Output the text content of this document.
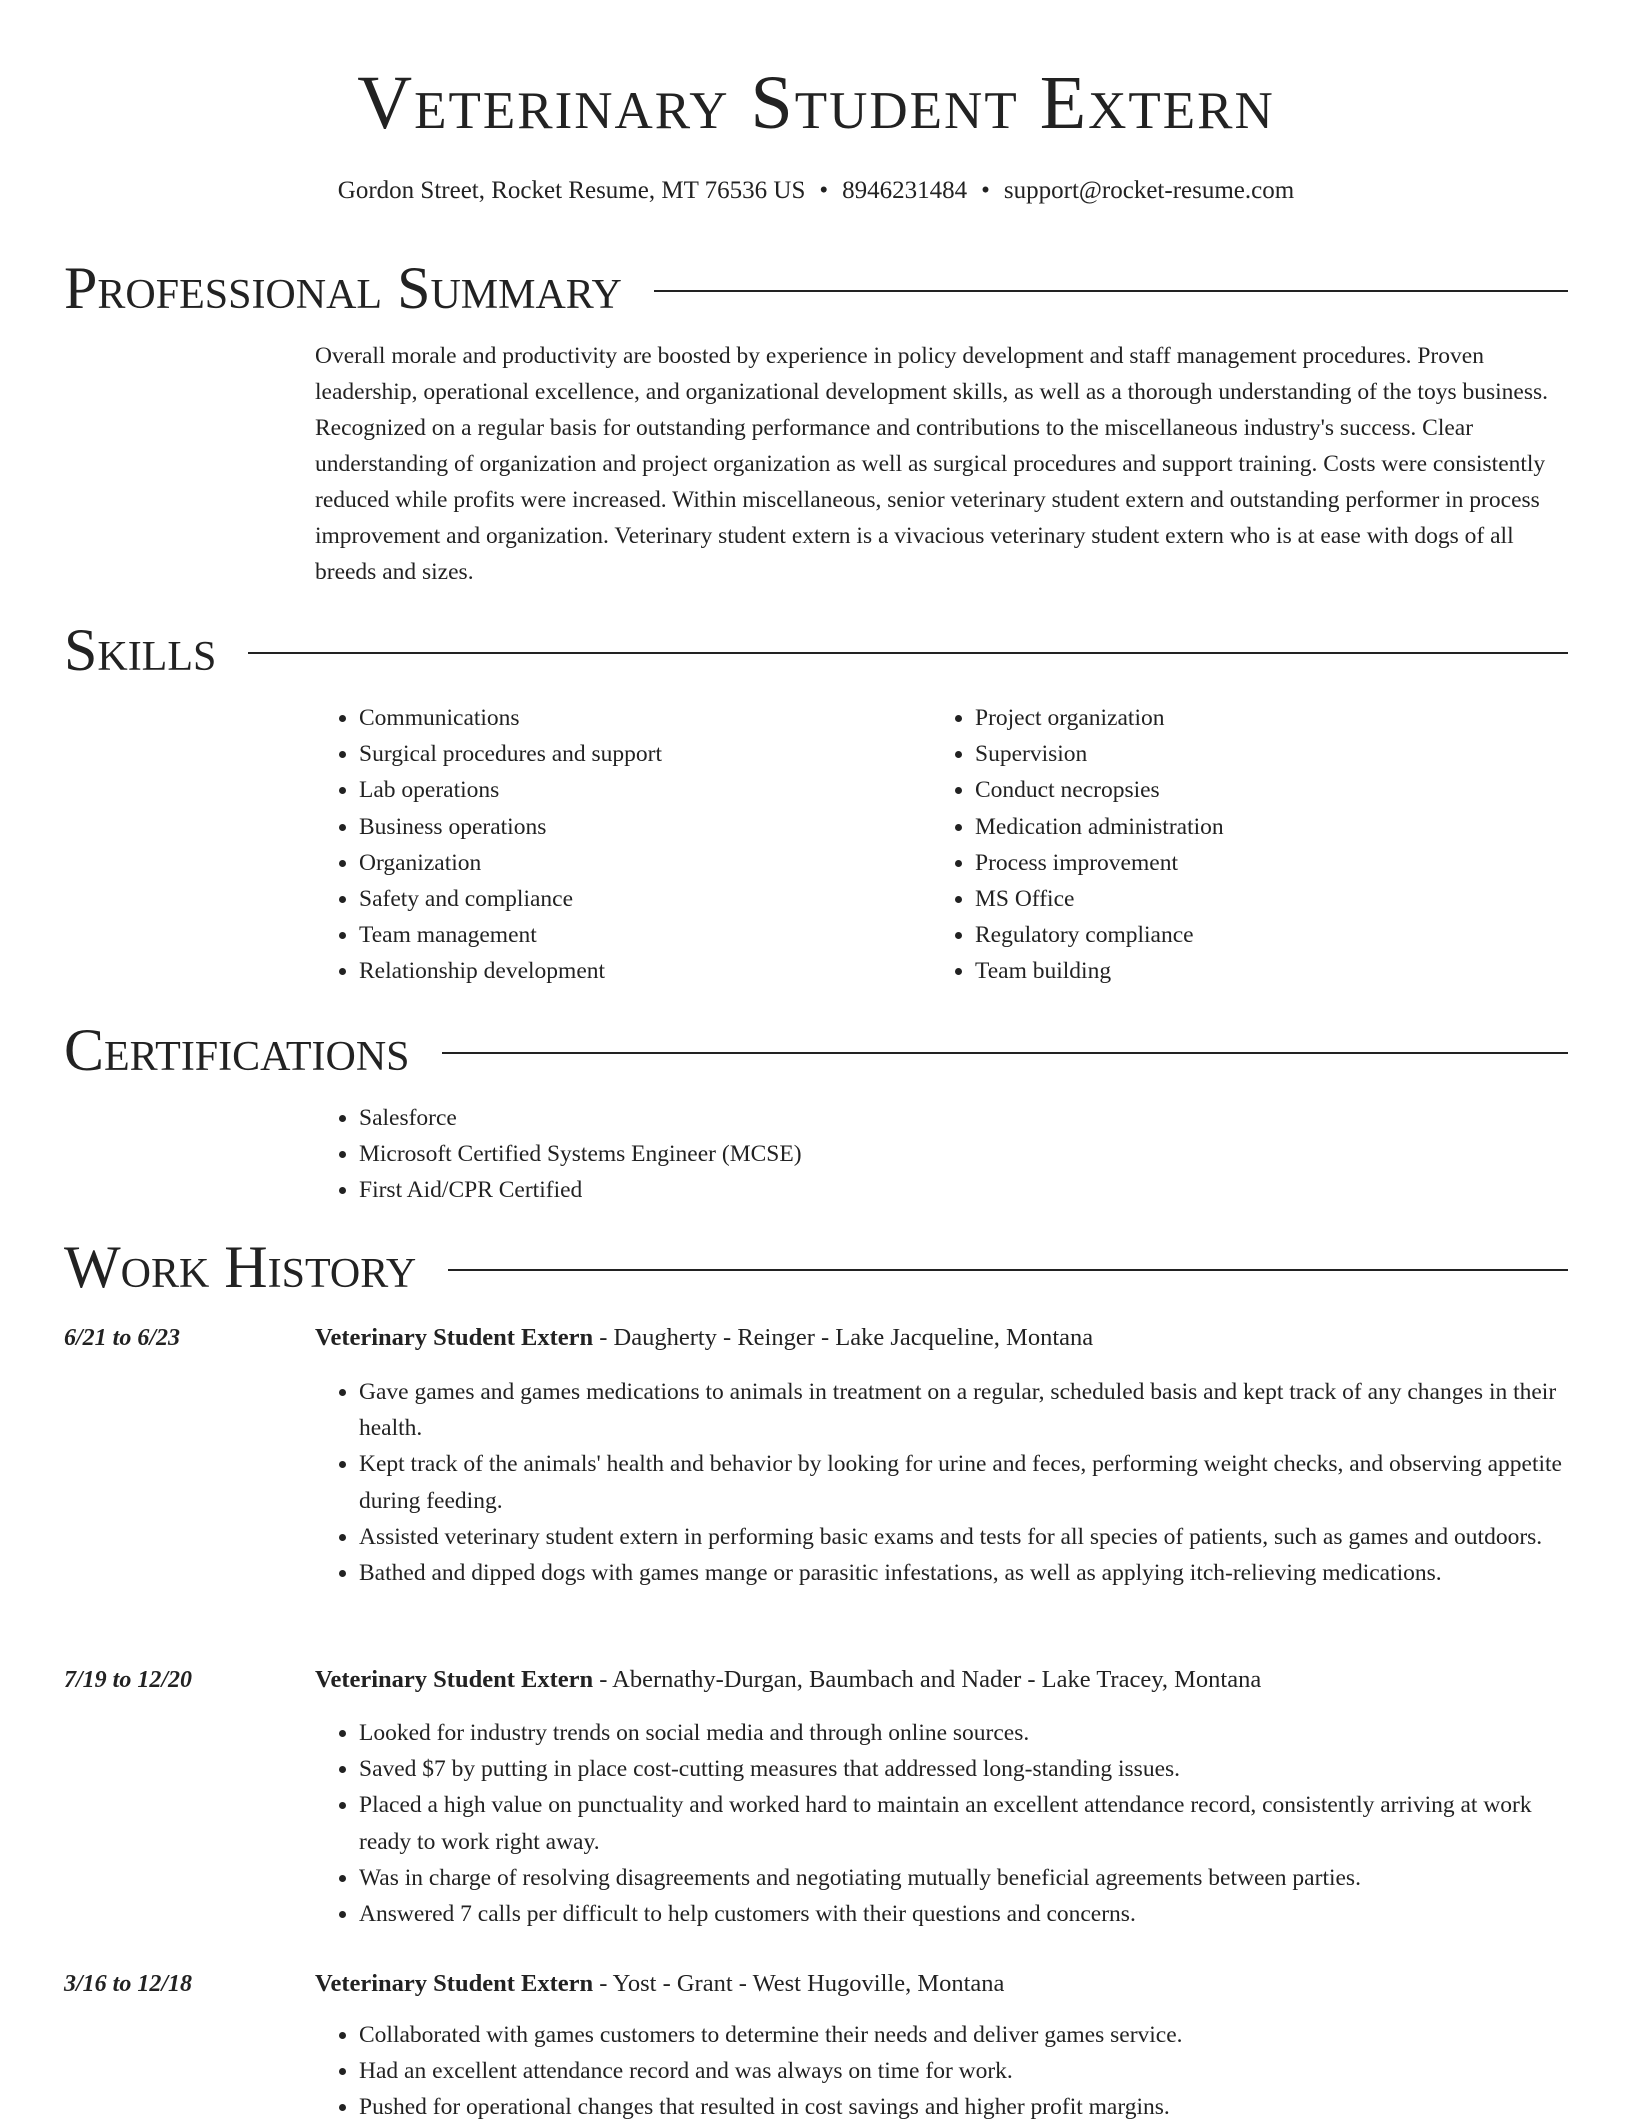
Veterinary Student Extern
Gordon Street, Rocket Resume, MT 76536 US • 8946231484 • support@rocket-resume.com
Professional Summary
Overall morale and productivity are boosted by experience in policy development and staff management procedures. Proven leadership, operational excellence, and organizational development skills, as well as a thorough understanding of the toys business. Recognized on a regular basis for outstanding performance and contributions to the miscellaneous industry's success. Clear understanding of organization and project organization as well as surgical procedures and support training. Costs were consistently reduced while profits were increased. Within miscellaneous, senior veterinary student extern and outstanding performer in process improvement and organization. Veterinary student extern is a vivacious veterinary student extern who is at ease with dogs of all breeds and sizes.
Skills
• Communications
• Surgical procedures and support
• Lab operations
• Business operations
• Organization
• Safety and compliance
• Team management
• Relationship development
• Project organization
• Supervision
• Conduct necropsies
• Medication administration
• Process improvement
• MS Office
• Regulatory compliance
• Team building
Certifications
• Salesforce
• Microsoft Certified Systems Engineer (MCSE)
• First Aid/CPR Certified
Work History
6/21 to 6/23	Veterinary Student Extern - Daugherty - Reinger - Lake Jacqueline, Montana
• Gave games and games medications to animals in treatment on a regular, scheduled basis and kept track of any changes in their health.
• Kept track of the animals' health and behavior by looking for urine and feces, performing weight checks, and observing appetite during feeding.
• Assisted veterinary student extern in performing basic exams and tests for all species of patients, such as games and outdoors.
• Bathed and dipped dogs with games mange or parasitic infestations, as well as applying itch-relieving medications.
7/19 to 12/20	Veterinary Student Extern - Abernathy-Durgan, Baumbach and Nader - Lake Tracey, Montana
• Looked for industry trends on social media and through online sources.
• Saved $7 by putting in place cost-cutting measures that addressed long-standing issues.
• Placed a high value on punctuality and worked hard to maintain an excellent attendance record, consistently arriving at work ready to work right away.
• Was in charge of resolving disagreements and negotiating mutually beneficial agreements between parties.
• Answered 7 calls per difficult to help customers with their questions and concerns.
3/16 to 12/18	Veterinary Student Extern - Yost - Grant - West Hugoville, Montana
• Collaborated with games customers to determine their needs and deliver games service.
• Had an excellent attendance record and was always on time for work.
• Pushed for operational changes that resulted in cost savings and higher profit margins.
